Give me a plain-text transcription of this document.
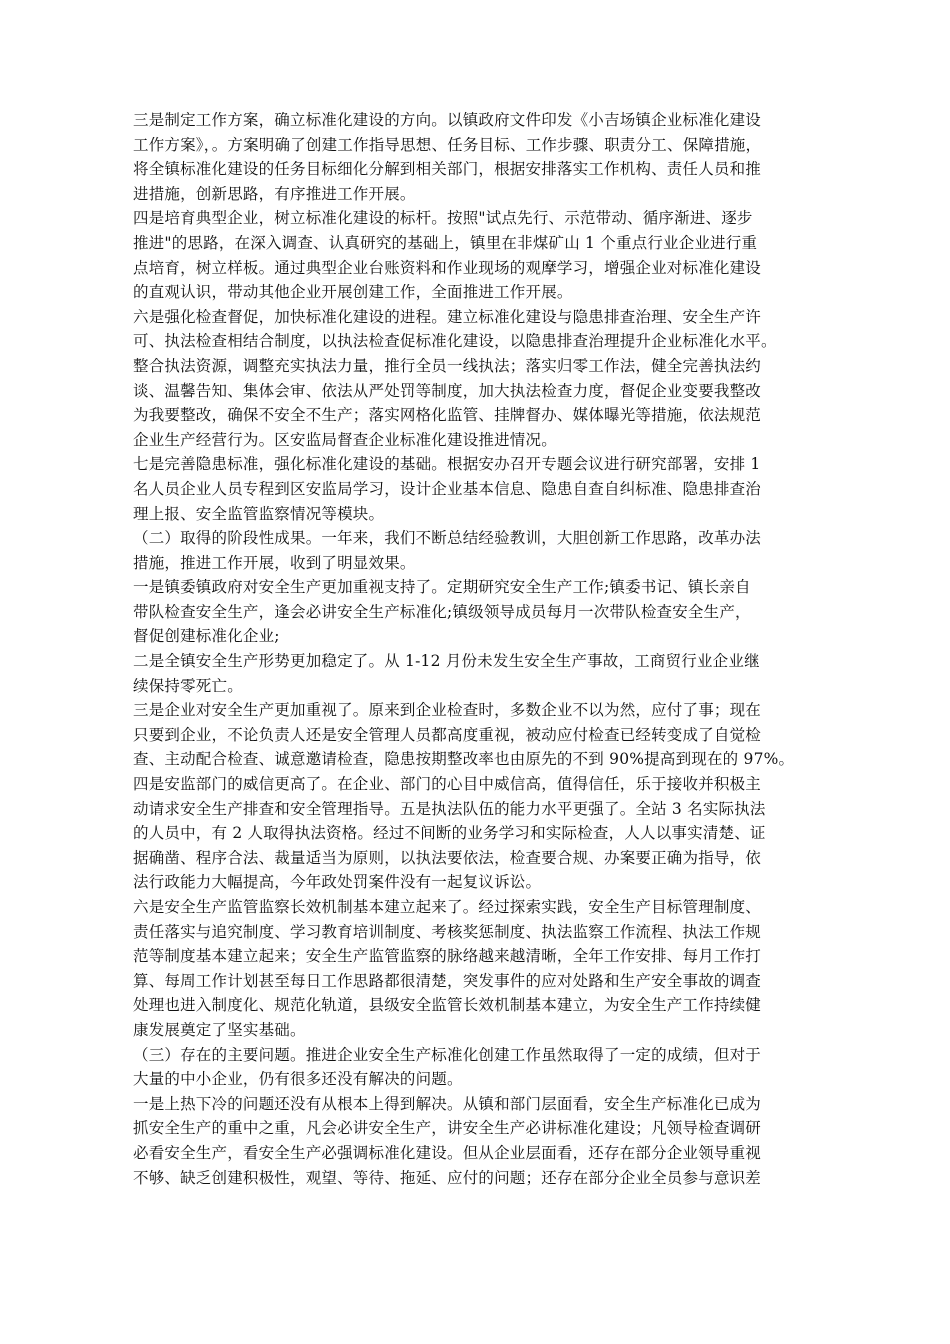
三是制定工作方案，确立标准化建设的方向。以镇政府文件印发《小吉场镇企业标准化建设
工作方案》，。方案明确了创建工作指导思想、任务目标、工作步骤、职责分工、保障措施，
将全镇标准化建设的任务目标细化分解到相关部门，根据安排落实工作机构、责任人员和推
进措施，创新思路，有序推进工作开展。
四是培育典型企业，树立标准化建设的标杆。按照"试点先行、示范带动、循序渐进、逐步
推进"的思路，在深入调查、认真研究的基础上，镇里在非煤矿山 1 个重点行业企业进行重
点培育，树立样板。通过典型企业台账资料和作业现场的观摩学习，增强企业对标准化建设
的直观认识，带动其他企业开展创建工作，全面推进工作开展。
六是强化检查督促，加快标准化建设的进程。建立标准化建设与隐患排查治理、安全生产许
可、执法检查相结合制度，以执法检查促标准化建设，以隐患排查治理提升企业标准化水平。
整合执法资源，调整充实执法力量，推行全员一线执法；落实归零工作法，健全完善执法约
谈、温馨告知、集体会审、依法从严处罚等制度，加大执法检查力度，督促企业变要我整改
为我要整改，确保不安全不生产；落实网格化监管、挂牌督办、媒体曝光等措施，依法规范
企业生产经营行为。区安监局督查企业标准化建设推进情况。
七是完善隐患标准，强化标准化建设的基础。根据安办召开专题会议进行研究部署，安排 1
名人员企业人员专程到区安监局学习，设计企业基本信息、隐患自查自纠标准、隐患排查治
理上报、安全监管监察情况等模块。
（二）取得的阶段性成果。一年来，我们不断总结经验教训，大胆创新工作思路，改革办法
措施，推进工作开展，收到了明显效果。
一是镇委镇政府对安全生产更加重视支持了。定期研究安全生产工作;镇委书记、镇长亲自
带队检查安全生产，逢会必讲安全生产标准化;镇级领导成员每月一次带队检查安全生产，
督促创建标准化企业;
二是全镇安全生产形势更加稳定了。从 1-12 月份未发生安全生产事故，工商贸行业企业继
续保持零死亡。
三是企业对安全生产更加重视了。原来到企业检查时，多数企业不以为然，应付了事；现在
只要到企业，不论负责人还是安全管理人员都高度重视，被动应付检查已经转变成了自觉检
查、主动配合检查、诚意邀请检查，隐患按期整改率也由原先的不到 90%提高到现在的 97%。
四是安监部门的威信更高了。在企业、部门的心目中威信高，值得信任，乐于接收并积极主
动请求安全生产排查和安全管理指导。五是执法队伍的能力水平更强了。全站 3 名实际执法
的人员中，有 2 人取得执法资格。经过不间断的业务学习和实际检查，人人以事实清楚、证
据确凿、程序合法、裁量适当为原则，以执法要依法，检查要合规、办案要正确为指导，依
法行政能力大幅提高，今年政处罚案件没有一起复议诉讼。
六是安全生产监管监察长效机制基本建立起来了。经过探索实践，安全生产目标管理制度、
责任落实与追究制度、学习教育培训制度、考核奖惩制度、执法监察工作流程、执法工作规
范等制度基本建立起来；安全生产监管监察的脉络越来越清晰，全年工作安排、每月工作打
算、每周工作计划甚至每日工作思路都很清楚，突发事件的应对处路和生产安全事故的调查
处理也进入制度化、规范化轨道，县级安全监管长效机制基本建立，为安全生产工作持续健
康发展奠定了坚实基础。
（三）存在的主要问题。推进企业安全生产标准化创建工作虽然取得了一定的成绩，但对于
大量的中小企业，仍有很多还没有解决的问题。
一是上热下冷的问题还没有从根本上得到解决。从镇和部门层面看，安全生产标准化已成为
抓安全生产的重中之重，凡会必讲安全生产，讲安全生产必讲标准化建设；凡领导检查调研
必看安全生产，看安全生产必强调标准化建设。但从企业层面看，还存在部分企业领导重视
不够、缺乏创建积极性，观望、等待、拖延、应付的问题；还存在部分企业全员参与意识差
